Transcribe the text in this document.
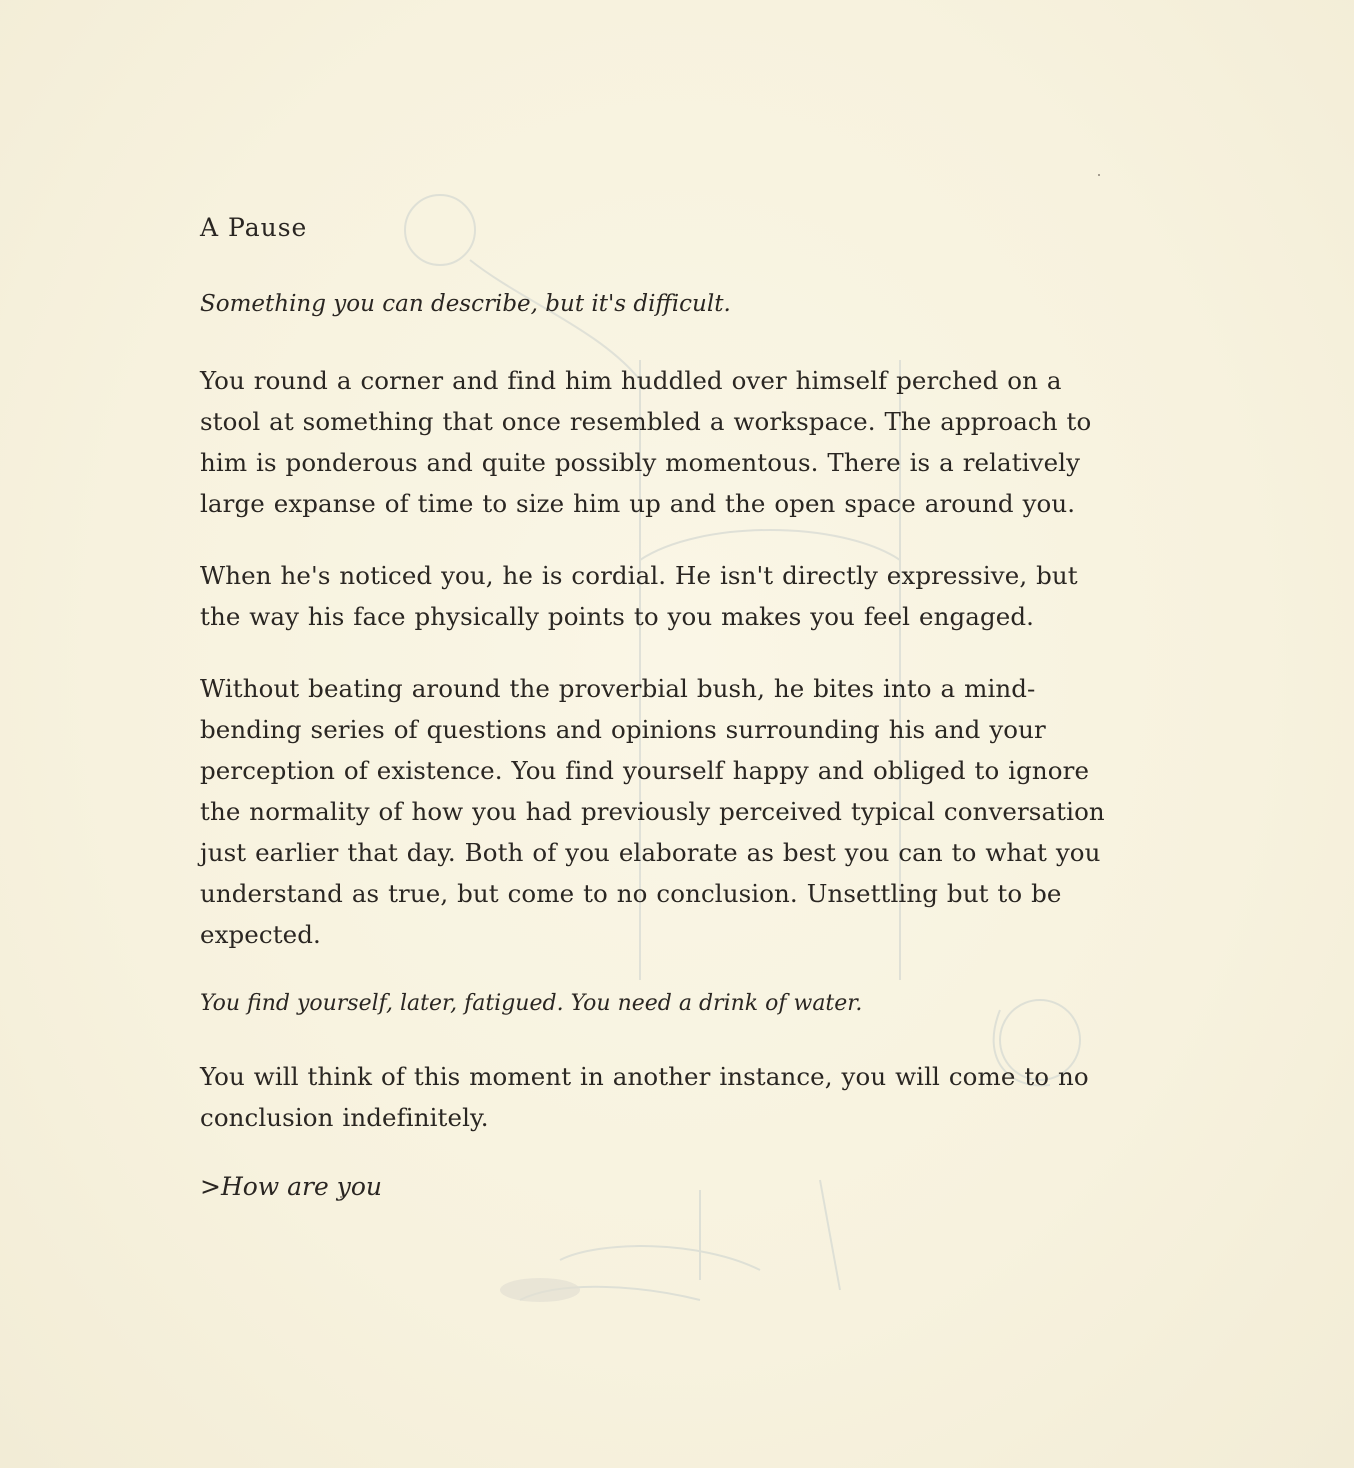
A Pause
Something you can describe, but it's difficult.
You round a corner and find him huddled over himself perched on a stool at something that once resembled a workspace. The approach to him is ponderous and quite possibly momentous. There is a relatively large expanse of time to size him up and the open space around you.
When he's noticed you, he is cordial. He isn't directly expressive, but the way his face physically points to you makes you feel engaged.
Without beating around the proverbial bush, he bites into a mind-bending series of questions and opinions surrounding his and your perception of existence. You find yourself happy and obliged to ignore the normality of how you had previously perceived typical conversation just earlier that day. Both of you elaborate as best you can to what you understand as true, but come to no conclusion. Unsettling but to be expected.
You find yourself, later, fatigued. You need a drink of water.
You will think of this moment in another instance, you will come to no conclusion indefinitely.
>How are you
